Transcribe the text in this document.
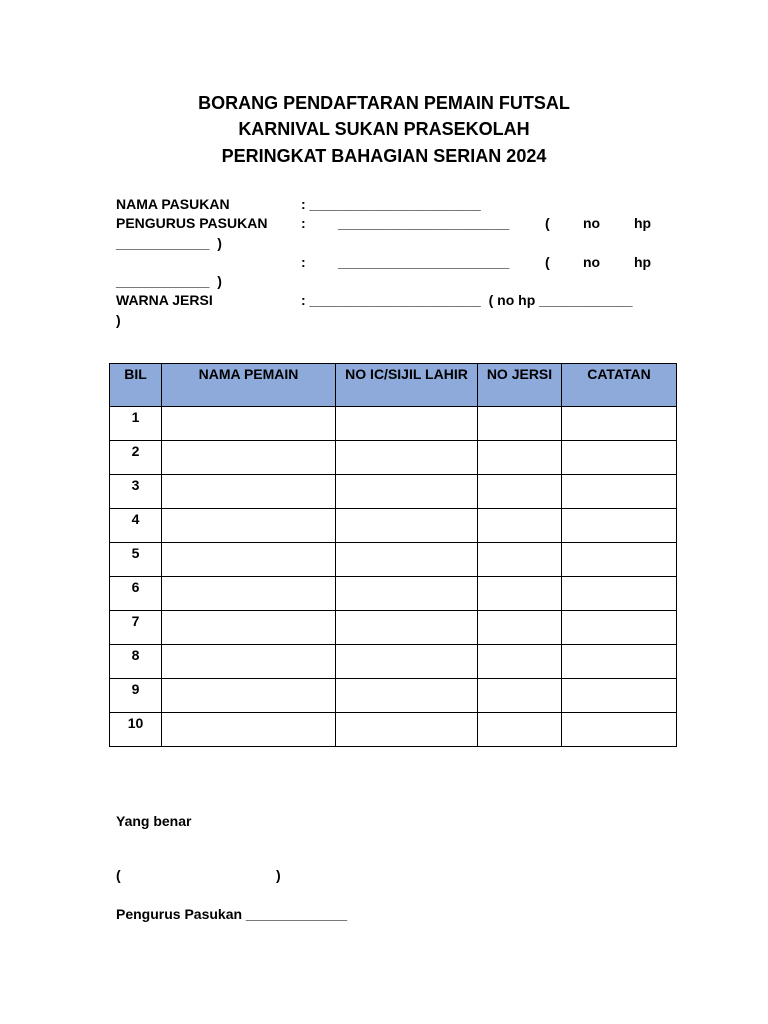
BORANG PENDAFTARAN PEMAIN FUTSAL
KARNIVAL SUKAN PRASEKOLAH
PERINGKAT BAHAGIAN SERIAN 2024
NAMA PASUKAN	: ______________________
PENGURUS PASUKAN : ______________________	( no hp
____________  )
: ______________________	( no hp
____________  )
WARNA JERSI	: ______________________  ( no hp ____________
)
BIL	NAMA PEMAIN	NO IC/SIJIL LAHIR	NO JERSI	CATATAN
1				
2				
3				
4				
5				
6				
7				
8				
9				
10				
Yang benar
(	)
Pengurus Pasukan _____________
